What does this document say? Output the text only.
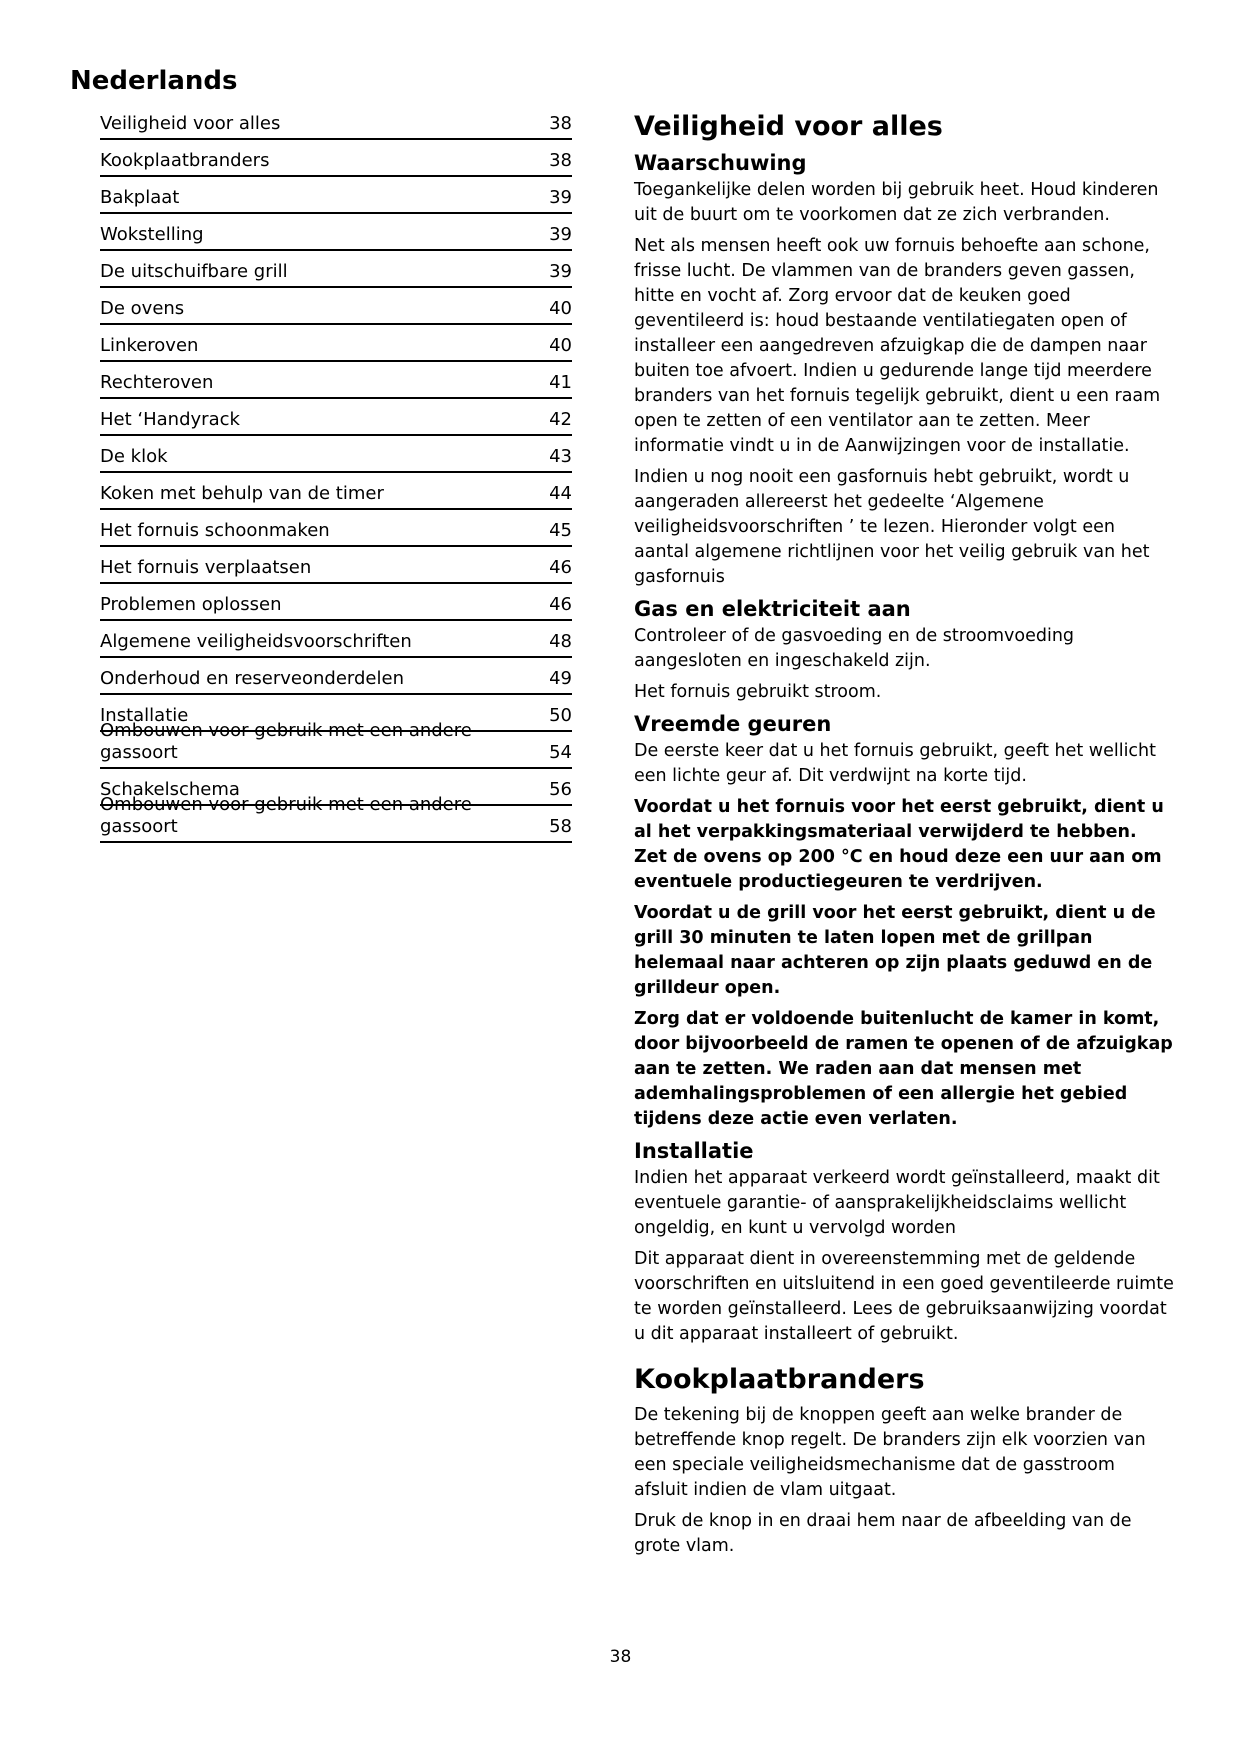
Nederlands
Veiligheid voor alles	38
Kookplaatbranders	38
Bakplaat	39
Wokstelling	39
De uitschuifbare grill	39
De ovens	40
Linkeroven	40
Rechteroven	41
Het ‘Handyrack	42
De klok	43
Koken met behulp van de timer	44
Het fornuis schoonmaken	45
Het fornuis verplaatsen	46
Problemen oplossen	46
Algemene veiligheidsvoorschriften	48
Onderhoud en reserveonderdelen	49
Installatie	50
Ombouwen voor gebruik met een andere gassoort	54
Schakelschema	56
Ombouwen voor gebruik met een andere gassoort	58
Veiligheid voor alles
Waarschuwing

Toegankelijke delen worden bij gebruik heet. Houd kinderen uit de buurt om te voorkomen dat ze zich verbranden.

Net als mensen heeft ook uw fornuis behoefte aan schone, frisse lucht. De vlammen van de branders geven gassen, hitte en vocht af. Zorg ervoor dat de keuken goed geventileerd is: houd bestaande ventilatiegaten open of installeer een aangedreven afzuigkap die de dampen naar buiten toe afvoert. Indien u gedurende lange tijd meerdere branders van het fornuis tegelijk gebruikt, dient u een raam open te zetten of een ventilator aan te zetten. Meer informatie vindt u in de Aanwijzingen voor de installatie.

Indien u nog nooit een gasfornuis hebt gebruikt, wordt u aangeraden allereerst het gedeelte ‘Algemene veiligheidsvoorschriften ’ te lezen. Hieronder volgt een aantal algemene richtlijnen voor het veilig gebruik van het gasfornuis

Gas en elektriciteit aan

Controleer of de gasvoeding en de stroomvoeding aangesloten en ingeschakeld zijn.

Het fornuis gebruikt stroom.

Vreemde geuren

De eerste keer dat u het fornuis gebruikt, geeft het wellicht een lichte geur af. Dit verdwijnt na korte tijd.

Voordat u het fornuis voor het eerst gebruikt, dient u al het verpakkingsmateriaal verwijderd te hebben. Zet de ovens op 200 °C en houd deze een uur aan om eventuele productiegeuren te verdrijven.

Voordat u de grill voor het eerst gebruikt, dient u de grill 30 minuten te laten lopen met de grillpan helemaal naar achteren op zijn plaats geduwd en de grilldeur open.

Zorg dat er voldoende buitenlucht de kamer in komt, door bijvoorbeeld de ramen te openen of de afzuigkap aan te zetten. We raden aan dat mensen met ademhalingsproblemen of een allergie het gebied tijdens deze actie even verlaten.

Installatie

Indien het apparaat verkeerd wordt geïnstalleerd, maakt dit eventuele garantie- of aansprakelijkheidsclaims wellicht ongeldig, en kunt u vervolgd worden

Dit apparaat dient in overeenstemming met de geldende voorschriften en uitsluitend in een goed geventileerde ruimte te worden geïnstalleerd. Lees de gebruiksaanwijzing voordat u dit apparaat installeert of gebruikt.

Kookplaatbranders

De tekening bij de knoppen geeft aan welke brander de betreffende knop regelt. De branders zijn elk voorzien van een speciale veiligheidsmechanisme dat de gasstroom afsluit indien de vlam uitgaat.

Druk de knop in en draai hem naar de afbeelding van de grote vlam.

38
